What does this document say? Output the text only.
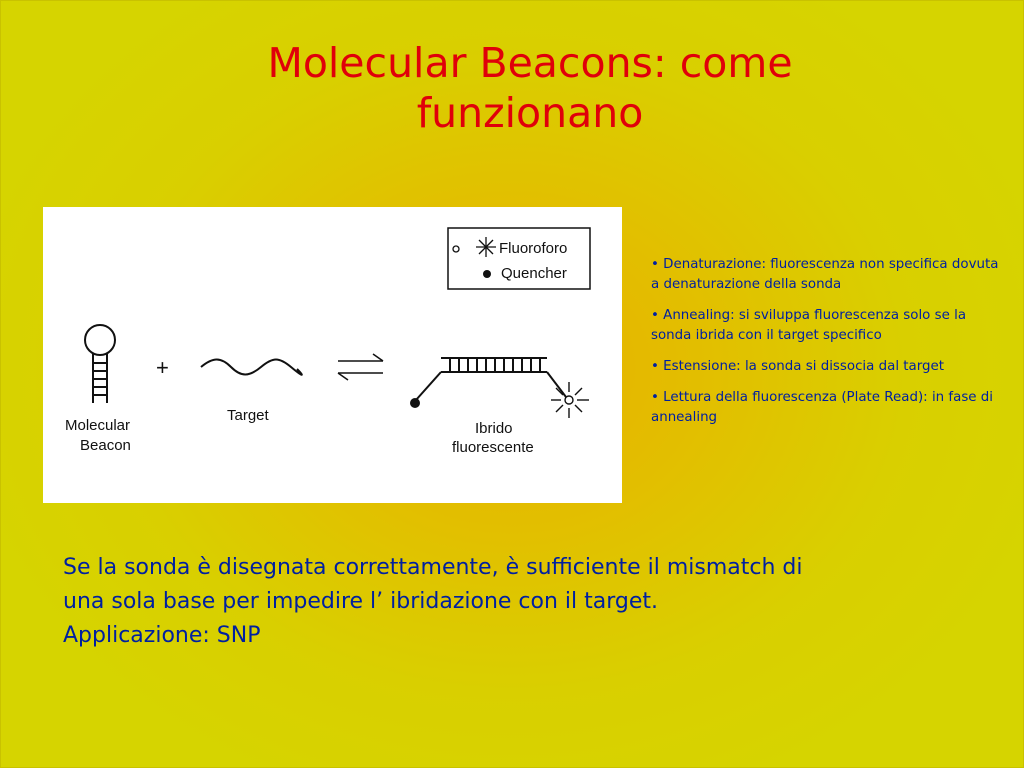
Molecular Beacons: come funzionano
Fluoroforo
Quencher
Molecular
Beacon
+
Target
Ibrido
fluorescente
• Denaturazione: fluorescenza non specifica dovuta a denaturazione della sonda
• Annealing: si sviluppa fluorescenza solo se la sonda ibrida con il target specifico
• Estensione: la sonda si dissocia dal target
• Lettura della fluorescenza (Plate Read): in fase di annealing

Se la sonda è disegnata correttamente, è sufficiente il mismatch di
una sola base per impedire l’ ibridazione con il target.
Applicazione: SNP
